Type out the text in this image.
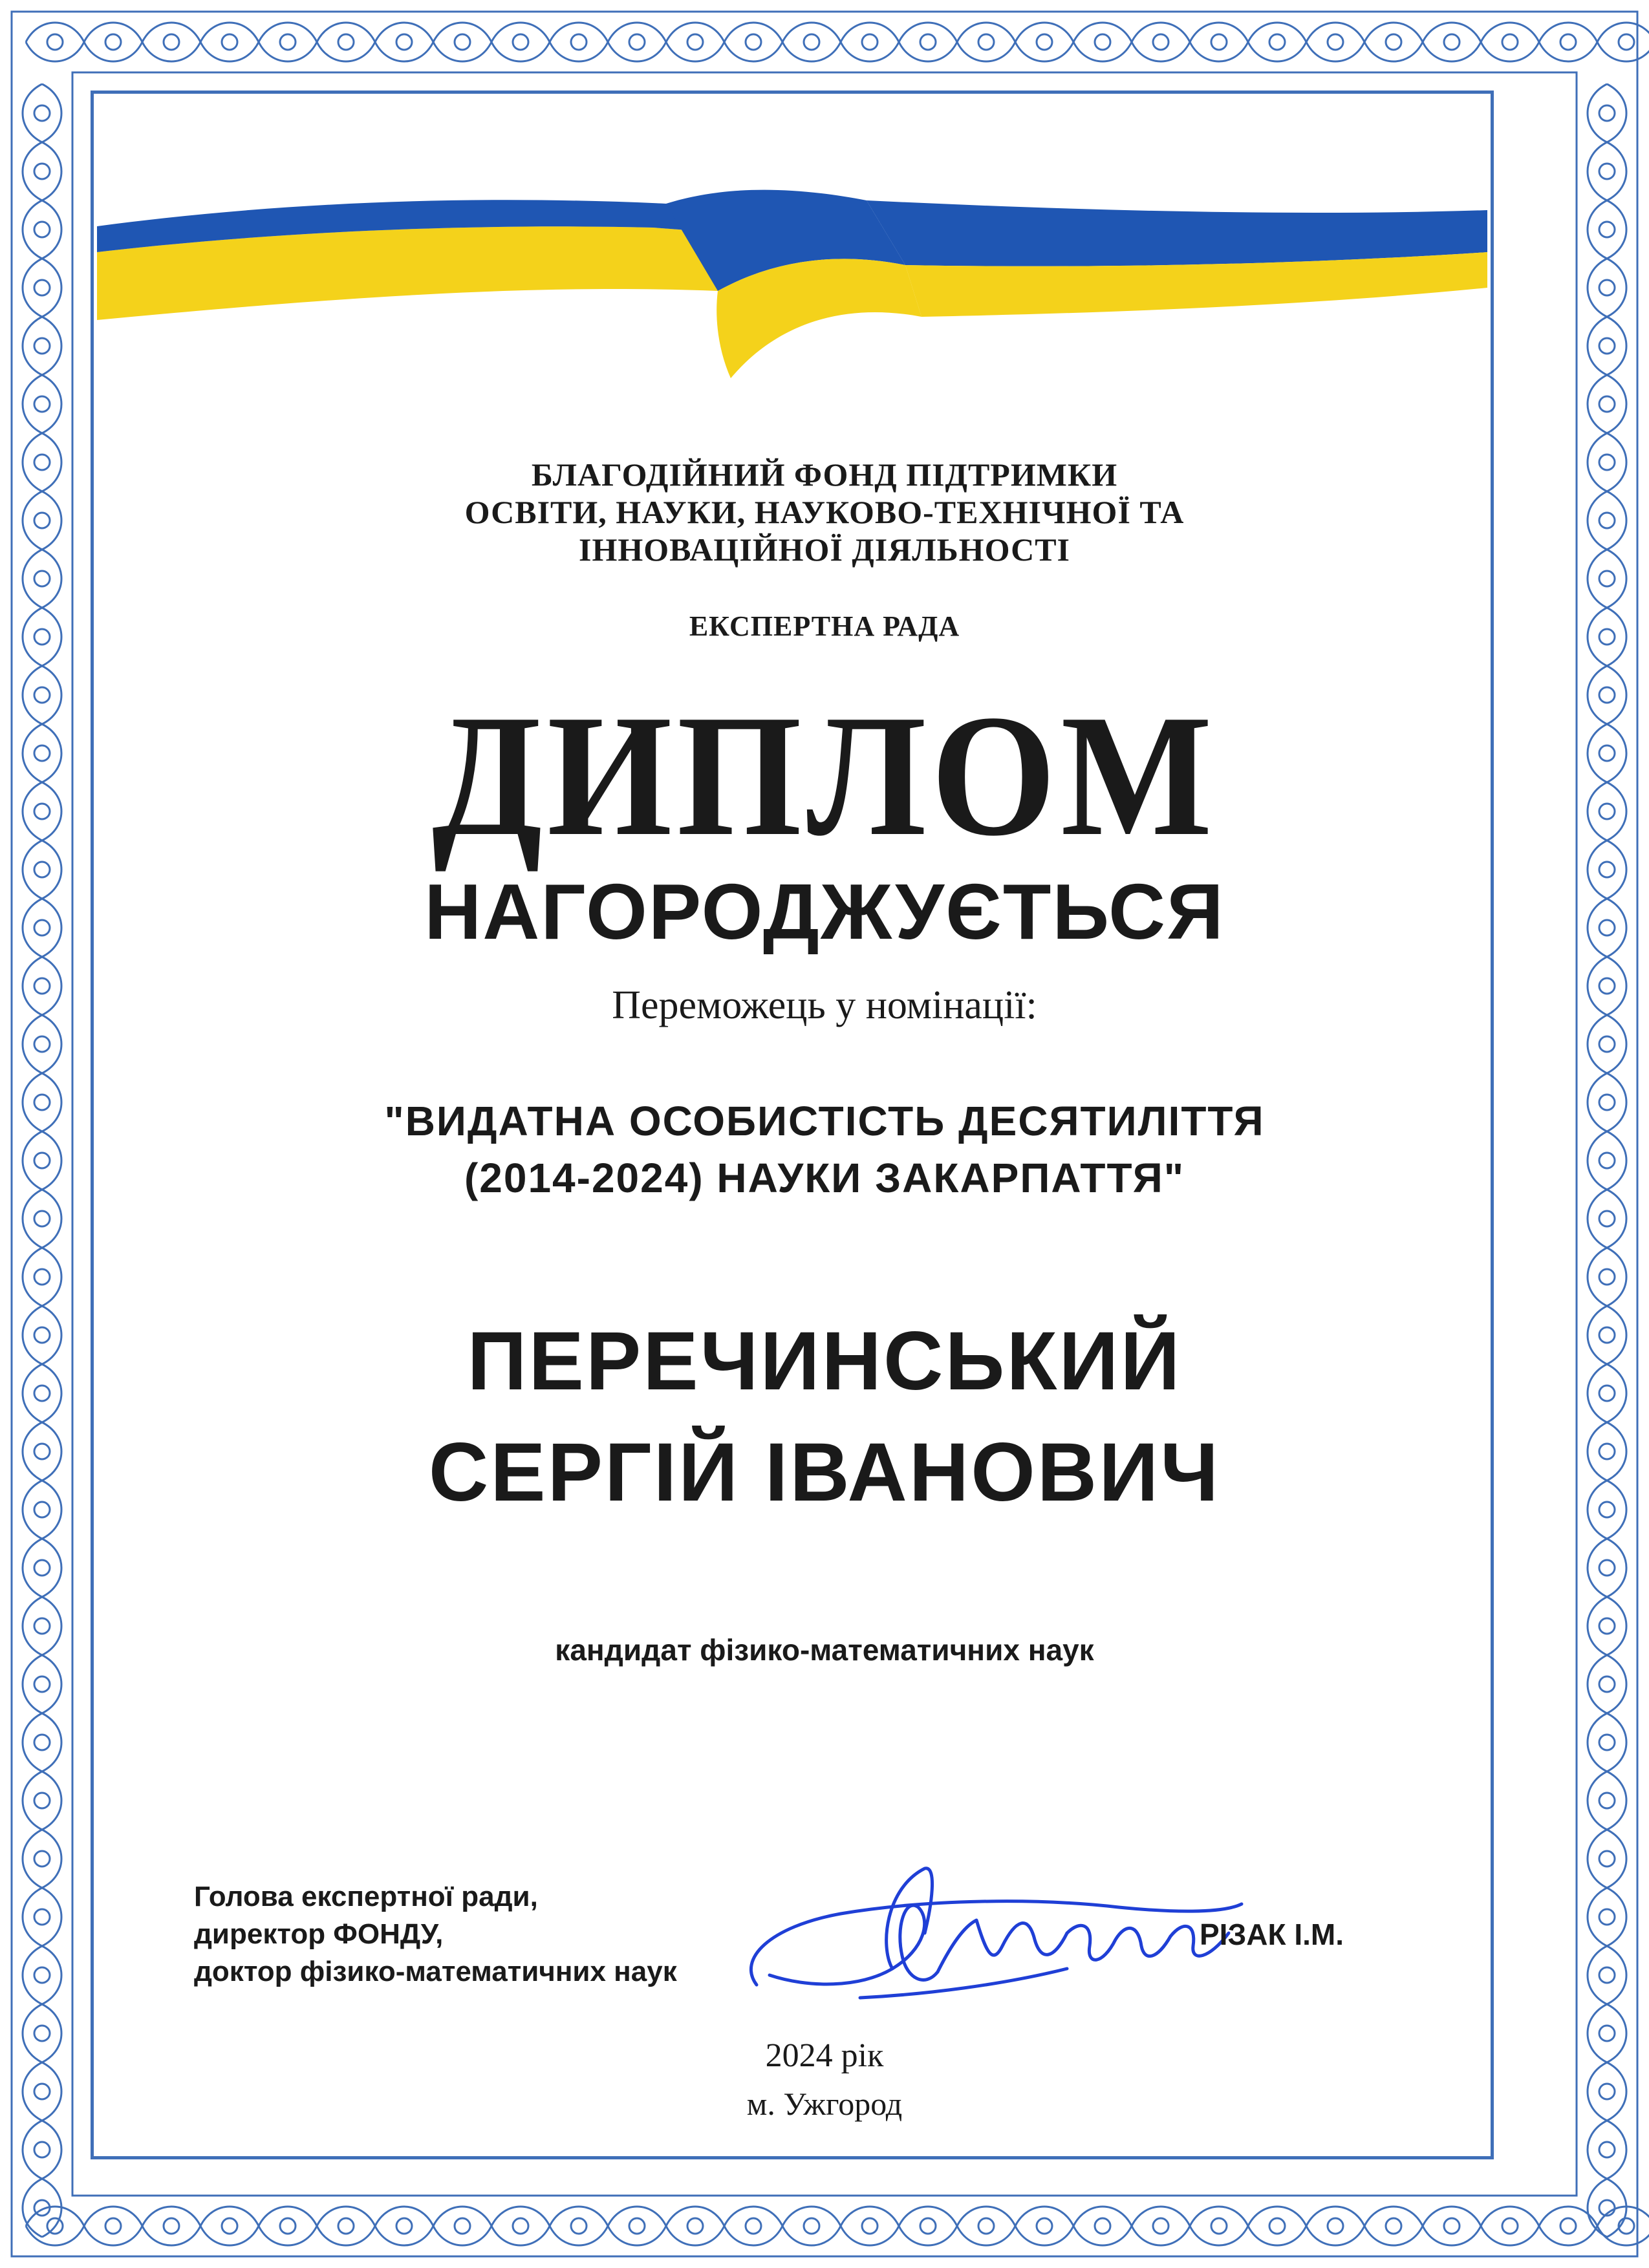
БЛАГОДІЙНИЙ ФОНД ПІДТРИМКИ
ОСВІТИ, НАУКИ, НАУКОВО-ТЕХНІЧНОЇ ТА
ІННОВАЦІЙНОЇ ДІЯЛЬНОСТІ
ЕКСПЕРТНА РАДА
ДИПЛОМ
НАГОРОДЖУЄТЬСЯ
Переможець у номінації:
"ВИДАТНА ОСОБИСТІСТЬ ДЕСЯТИЛІТТЯ
(2014-2024) НАУКИ ЗАКАРПАТТЯ"
ПЕРЕЧИНСЬКИЙ
СЕРГІЙ ІВАНОВИЧ
кандидат фізико-математичних наук
Голова експертної ради,
директор ФОНДУ,
доктор фізико-математичних наук
РІЗАК І.М.
2024 рік
м. Ужгород
